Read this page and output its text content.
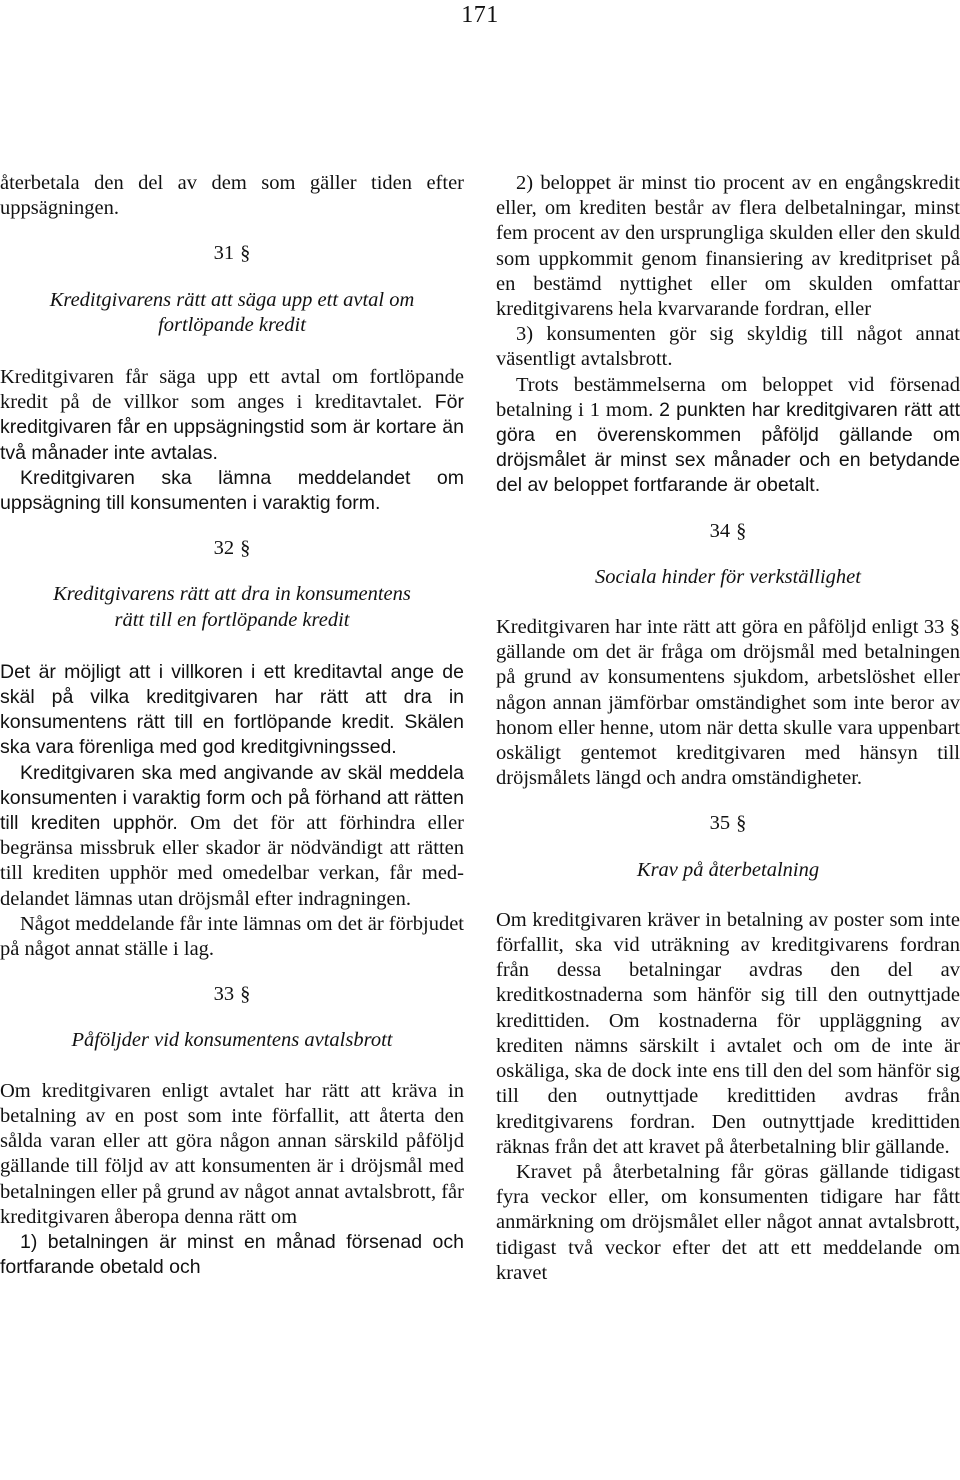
171

återbetala den del av dem som gäller tiden efter uppsägningen.

31 §
Kreditgivarens rätt att säga upp ett avtal om
fortlöpande kredit

Kreditgivaren får säga upp ett avtal om fortlöpande kredit på de villkor som anges i kreditavtalet. För kreditgivaren får en uppsägningstid som är kortare än två månader inte avtalas.

Kreditgivaren ska lämna meddelandet om uppsägning till konsumenten i varaktig form.

32 §
Kreditgivarens rätt att dra in konsumentens
rätt till en fortlöpande kredit

Det är möjligt att i villkoren i ett kreditavtal ange de skäl på vilka kreditgivaren har rätt att dra in konsumentens rätt till en fortlöpande kredit. Skälen ska vara förenliga med god kreditgivningssed.

Kreditgivaren ska med angivande av skäl meddela konsumenten i varaktig form och på förhand att rätten till krediten upphör. Om det för att förhindra eller begränsa missbruk eller skador är nödvändigt att rätten till krediten upphör med omedelbar verkan, får meddelandet lämnas utan dröjsmål efter indragningen.

Något meddelande får inte lämnas om det är förbjudet på något annat ställe i lag.

33 §
Påföljder vid konsumentens avtalsbrott

Om kreditgivaren enligt avtalet har rätt att kräva in betalning av en post som inte förfallit, att återta den sålda varan eller att göra någon annan särskild påföljd gällande till följd av att konsumenten är i dröjsmål med betalningen eller på grund av något annat avtalsbrott, får kreditgivaren åberopa denna rätt om

1) betalningen är minst en månad försenad och fortfarande obetald och

2) beloppet är minst tio procent av en engångskredit eller, om krediten består av flera delbetalningar, minst fem procent av den ursprungliga skulden eller den skuld som uppkommit genom finansiering av kreditpriset på en bestämd nyttighet eller om skulden omfattar kreditgivarens hela kvarvarande fordran, eller

3) konsumenten gör sig skyldig till något annat väsentligt avtalsbrott.

Trots bestämmelserna om beloppet vid försenad betalning i 1 mom. 2 punkten har kreditgivaren rätt att göra en överenskommen påföljd gällande om dröjsmålet är minst sex månader och en betydande del av beloppet fortfarande är obetalt.

34 §
Sociala hinder för verkställighet

Kreditgivaren har inte rätt att göra en påföljd enligt 33 § gällande om det är fråga om dröjsmål med betalningen på grund av konsumentens sjukdom, arbetslöshet eller någon annan jämförbar omständighet som inte beror av honom eller henne, utom när detta skulle vara uppenbart oskäligt gentemot kreditgivaren med hänsyn till dröjsmålets längd och andra omständigheter.

35 §
Krav på återbetalning

Om kreditgivaren kräver in betalning av poster som inte förfallit, ska vid uträkning av kreditgivarens fordran från dessa betalningar avdras den del av kreditkostnaderna som hänför sig till den outnyttjade kredittiden. Om kostnaderna för uppläggning av krediten nämns särskilt i avtalet och om de inte är oskäliga, ska de dock inte ens till den del som hänför sig till den outnyttjade kredittiden avdras från kreditgivarens fordran. Den outnyttjade kredittiden räknas från det att kravet på återbetalning blir gällande.

Kravet på återbetalning får göras gällande tidigast fyra veckor eller, om konsumenten tidigare har fått anmärkning om dröjsmålet eller något annat avtalsbrott, tidigast två veckor efter det att ett meddelande om kravet
